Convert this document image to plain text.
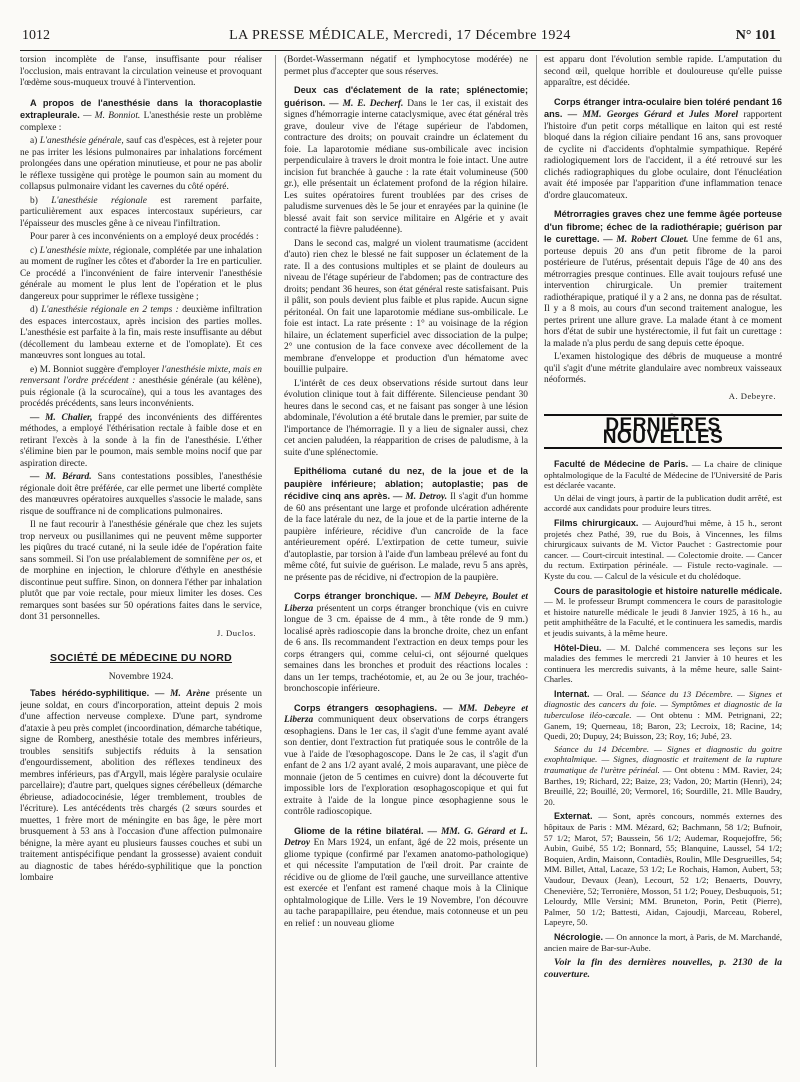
1012	LA PRESSE MÉDICALE, Mercredi, 17 Décembre 1924	N° 101

torsion incomplète de l'anse, insuffisante pour réaliser l'occlusion, mais entravant la circulation veineuse et provoquant l'œdème sous-muqueux trouvé à l'intervention.

A propos de l'anesthésie dans la thoracoplastie extrapleurale. — M. Bonniot. L'anesthésie reste un problème complexe :

a) L'anesthésie générale, sauf cas d'espèces, est à rejeter pour ne pas irriter les lésions pulmonaires par inhalations forcément prolongées dans une opération minutieuse, et pour ne pas abolir le réflexe tussigène qui protège le poumon sain au moment du collapsus pulmonaire vidant les cavernes du côté opéré.

b) L'anesthésie régionale est rarement parfaite, particulièrement aux espaces intercostaux supérieurs, car l'épaisseur des muscles gêne à ce niveau l'infiltration.

Pour parer à ces inconvénients on a employé deux procédés :

c) L'anesthésie mixte, régionale, complétée par une inhalation au moment de rugîner les côtes et d'aborder la 1re en particulier. Ce procédé a l'inconvénient de faire intervenir l'anesthésie générale au moment le plus lent de l'opération et le plus dangereux pour supprimer le réflexe tussigène ;

d) L'anesthésie régionale en 2 temps : deuxième infiltration des espaces intercostaux, après incision des parties molles. L'anesthésie est parfaite à la fin, mais reste insuffisante au début (décollement du lambeau externe et de l'omoplate). Et ces manœuvres sont longues au total.

e) M. Bonniot suggère d'employer l'anesthésie mixte, mais en renversant l'ordre précédent : anesthésie générale (au kélène), puis régionale (à la scurocaïne), qui a tous les avantages des procédés précédents, sans leurs inconvénients.

— M. Chalier, frappé des inconvénients des différentes méthodes, a employé l'éthérisation rectale à faible dose et en retirant l'excès à la sonde à la fin de l'anesthésie. L'éther s'élimine bien par le poumon, mais semble moins nocif que par aspiration directe.

— M. Bérard. Sans contestations possibles, l'anesthésie régionale doit être préférée, car elle permet une liberté complète des manœuvres opératoires auxquelles s'associe le malade, sans risque de souffrance ni de complications pulmonaires.

Il ne faut recourir à l'anesthésie générale que chez les sujets trop nerveux ou pusillanimes qui ne peuvent même supporter les piqûres du tracé cutané, ni la seule idée de l'opération faite sans sommeil. Si l'on use préalablement de somnifène per os, et de morphine en injection, le chlorure d'éthyle en anesthésie discontinue peut suffire. Sinon, on donnera l'éther par inhalation plutôt que par voie rectale, pour mieux limiter les doses. Ces remarques sont basées sur 50 opérations faites dans le service, dont 31 personnelles.

J. Duclos.
SOCIÉTÉ DE MÉDECINE DU NORD
Novembre 1924.

Tabes hérédo-syphilitique. — M. Arène présente un jeune soldat, en cours d'incorporation, atteint depuis 2 mois d'une affection nerveuse complexe. D'une part, syndrome d'ataxie à peu près complet (incoordination, démarche tabétique, signe de Romberg, anesthésie totale des membres inférieurs, troubles sensitifs subjectifs réduits à la sensation d'engourdissement, abolition des réflexes tendineux des membres inférieurs, pas d'Argyll, mais légère paralysie oculaire parcellaire); d'autre part, quelques signes cérébelleux (démarche ébrieuse, adiadococinésie, léger tremblement, troubles de l'écriture). Les antécédents très chargés (2 sœurs sourdes et muettes, 1 frère mort de méningite en bas âge, le père mort brusquement à 53 ans à l'occasion d'une affection pulmonaire bénigne, la mère ayant eu plusieurs fausses couches et subi un traitement antispécifique pendant la grossesse) avaient conduit au diagnostic de tabes hérédo-syphilitique que la ponction lombaire

(Bordet-Wassermann négatif et lymphocytose modérée) ne permet plus d'accepter que sous réserves.

Deux cas d'éclatement de la rate; splénectomie; guérison. — M. E. Decherf. Dans le 1er cas, il existait des signes d'hémorragie interne cataclysmique, avec état général très grave, douleur vive de l'étage supérieur de l'abdomen, contracture des droits; on pouvait craindre un éclatement du foie. La laparotomie médiane sus-ombilicale avec incision perpendiculaire à travers le droit montra le foie intact. Une autre incision fut branchée à gauche : la rate était volumineuse (500 gr.), elle présentait un éclatement profond de la région hilaire. Les suites opératoires furent troublées par des crises de paludisme survenues dès le 5e jour et enrayées par la quinine (le blessé avait fait son service militaire en Algérie et y avait contracté la fièvre paludéenne).

Dans le second cas, malgré un violent traumatisme (accident d'auto) rien chez le blessé ne fait supposer un éclatement de la rate. Il a des contusions multiples et se plaint de douleurs au niveau de l'étage supérieur de l'abdomen; pas de contracture des droits; pendant 36 heures, son état général reste satisfaisant. Puis il pâlit, son pouls devient plus faible et plus rapide. Aucun signe péritonéal. On fait une laparotomie médiane sus-ombilicale. Le foie est intact. La rate présente : 1° au voisinage de la région hilaire, un éclatement superficiel avec dissociation de la pulpe; 2° une contusion de la face convexe avec décollement de la membrane d'enveloppe et production d'un hématome avec bouillie pulpaire.

L'intérêt de ces deux observations réside surtout dans leur évolution clinique tout à fait différente. Silencieuse pendant 30 heures dans le second cas, et ne faisant pas songer à une lésion abdominale, l'évolution a été brutale dans le premier, par suite de l'importance de l'hémorragie. Il y a lieu de signaler aussi, chez cet ancien paludéen, la réapparition de crises de paludisme, à la suite d'une splénectomie.

Epithélioma cutané du nez, de la joue et de la paupière inférieure; ablation; autoplastie; pas de récidive cinq ans après. — M. Detroy. Il s'agit d'un homme de 60 ans présentant une large et profonde ulcération adhérente de la face latérale du nez, de la joue et de la partie interne de la paupière inférieure, récidive d'un cancroïde de la face antérieurement opéré. L'extirpation de cette tumeur, suivie d'autoplastie, par torsion à l'aide d'un lambeau prélevé au font du même côté, fut suivie de guérison. Le malade, revu 5 ans après, ne présente pas de récidive, ni d'ectropion de la paupière.

Corps étranger bronchique. — MM Debeyre, Boulet et Liberza présentent un corps étranger bronchique (vis en cuivre longue de 3 cm. épaisse de 4 mm., à tête ronde de 9 mm.) localisé après radioscopie dans la bronche droite, chez un enfant de 6 ans. Ils recommandent l'extraction en deux temps pour les corps étrangers qui, comme celui-ci, ont séjourné quelques semaines dans les bronches et produit des réactions locales : dans un 1er temps, trachéotomie, et, au 2e ou 3e jour, trachéo-bronchoscopie inférieure.

Corps étrangers œsophagiens. — MM. Debeyre et Liberza communiquent deux observations de corps étrangers œsophagiens. Dans le 1er cas, il s'agit d'une femme ayant avalé son dentier, dont l'extraction fut pratiquée sous le contrôle de la vue à l'aide de l'œsophagoscope. Dans le 2e cas, il s'agit d'un enfant de 2 ans 1/2 ayant avalé, 2 mois auparavant, une pièce de monnaie (jeton de 5 centimes en cuivre) dont la découverte fut impossible lors de l'exploration œsophagoscopique et qui fut extraite à l'aide de la longue pince œsophagienne sous le contrôle radioscopique.

Gliome de la rétine bilatéral. — MM. G. Gérard et L. Detroy En Mars 1924, un enfant, âgé de 22 mois, présente un gliome typique (confirmé par l'examen anatomo-pathologique) et qui nécessite l'amputation de l'œil droit. Par crainte de récidive ou de gliome de l'œil gauche, une surveillance attentive est exercée et l'enfant est ramené chaque mois à la Clinique ophtalmologique de Lille. Vers le 19 Novembre, l'on découvre au tache parapapillaire, peu étendue, mais cotonneuse et un peu en relief : un nouveau gliome

est apparu dont l'évolution semble rapide. L'amputation du second œil, quelque horrible et douloureuse qu'elle puisse apparaître, est décidée.

Corps étranger intra-oculaire bien toléré pendant 16 ans. — MM. Georges Gérard et Jules Morel rapportent l'histoire d'un petit corps métallique en laiton qui est resté bloqué dans la région ciliaire pendant 16 ans, sans provoquer de cyclite ni d'accidents d'ophtalmie sympathique. Repéré radiologiquement lors de l'accident, il a été retrouvé sur les clichés radiographiques du globe oculaire, dont l'énucléation avait été imposée par l'apparition d'une inflammation tenace d'ordre glaucomateux.

Métrorragies graves chez une femme âgée porteuse d'un fibrome; échec de la radiothérapie; guérison par le curettage. — M. Robert Clouet. Une femme de 61 ans, porteuse depuis 20 ans d'un petit fibrome de la paroi postérieure de l'utérus, présentait depuis l'âge de 40 ans des métrorragies presque continues. Elle avait toujours refusé une intervention chirurgicale. Un premier traitement radiothérapique, pratiqué il y a 2 ans, ne donna pas de résultat. Il y a 8 mois, au cours d'un second traitement analogue, les pertes prirent une allure grave. La malade étant à ce moment hors d'état de subir une hystérectomie, il fut fait un curettage : la malade n'a plus perdu de sang depuis cette époque.

L'examen histologique des débris de muqueuse a montré qu'il s'agit d'une métrite glandulaire avec nombreux vaisseaux néoformés.

A. Debeyre.
DERNIÈRES NOUVELLES

Faculté de Médecine de Paris. — La chaire de clinique ophtalmologique de la Faculté de Médecine de l'Université de Paris est déclarée vacante.

Un délai de vingt jours, à partir de la publication dudit arrêté, est accordé aux candidats pour produire leurs titres.

Films chirurgicaux. — Aujourd'hui même, à 15 h., seront projetés chez Pathé, 39, rue du Bois, à Vincennes, les films chirurgicaux suivants de M. Victor Pauchet : Gastrectomie pour cancer. — Court-circuit intestinal. — Colectomie droite. — Cancer du rectum. Extirpation périnéale. — Fistule recto-vaginale. — Kyste du cou. — Calcul de la vésicule et du cholédoque.

Cours de parasitologie et histoire naturelle médicale. — M. le professeur Brumpt commencera le cours de parasitologie et histoire naturelle médicale le jeudi 8 Janvier 1925, à 16 h., au petit amphithéâtre de la Faculté, et le continuera les samedis, mardis et jeudis suivants, à la même heure.

Hôtel-Dieu. — M. Dalché commencera ses leçons sur les maladies des femmes le mercredi 21 Janvier à 10 heures et les continuera les mercredis suivants, à la même heure, salle Saint-Charles.

Internat. — Oral. — Séance du 13 Décembre. — Signes et diagnostic des cancers du foie. — Symptômes et diagnostic de la tuberculose iléo-cæcale. — Ont obtenu : MM. Petrignani, 22; Ganem, 19; Querneau, 18; Baron, 23; Lecroix, 18; Racine, 14; Quedi, 20; Dupuy, 24; Buisson, 23; Roy, 16; Jubé, 23.

Séance du 14 Décembre. — Signes et diagnostic du goitre exophtalmique. — Signes, diagnostic et traitement de la rupture traumatique de l'urètre périnéal. — Ont obtenu : MM. Ravier, 24; Barthes, 19; Richard, 22; Baize, 23; Vadon, 20; Martin (Henri), 24; Breuillé, 22; Bouillé, 20; Vermorel, 16; Sourdille, 21. Mlle Baudry, 20.

Externat. — Sont, après concours, nommés externes des hôpitaux de Paris : MM. Mézard, 62; Bachmann, 58 1/2; Bufnoir, 57 1/2; Marot, 57; Baussein, 56 1/2; Audemar, Roquejoffre, 56; Aubin, Guibé, 55 1/2; Bonnard, 55; Blanquine, Laussel, 54 1/2; Boquien, Ardin, Maisonn, Contadiès, Roulin, Mlle Desgrueilles, 54; MM. Billet, Attal, Lacaze, 53 1/2; Le Rochais, Hamon, Aubert, 53; Vaudour, Devaux (Jean), Lecourt, 52 1/2; Benaerts, Douvry, Chenevière, 52; Terronière, Mosson, 51 1/2; Pouey, Desbuquois, 51; Lelourdy, Mlle Versini; MM. Bruneton, Porin, Petit (Pierre), Palmer, 50 1/2; Battesti, Aidan, Cajoudji, Marceau, Roberel, Lapeyre, 50.

Nécrologie. — On annonce la mort, à Paris, de M. Marchandé, ancien maire de Bar-sur-Aube.

Voir la fin des dernières nouvelles, p. 2130 de la couverture.
